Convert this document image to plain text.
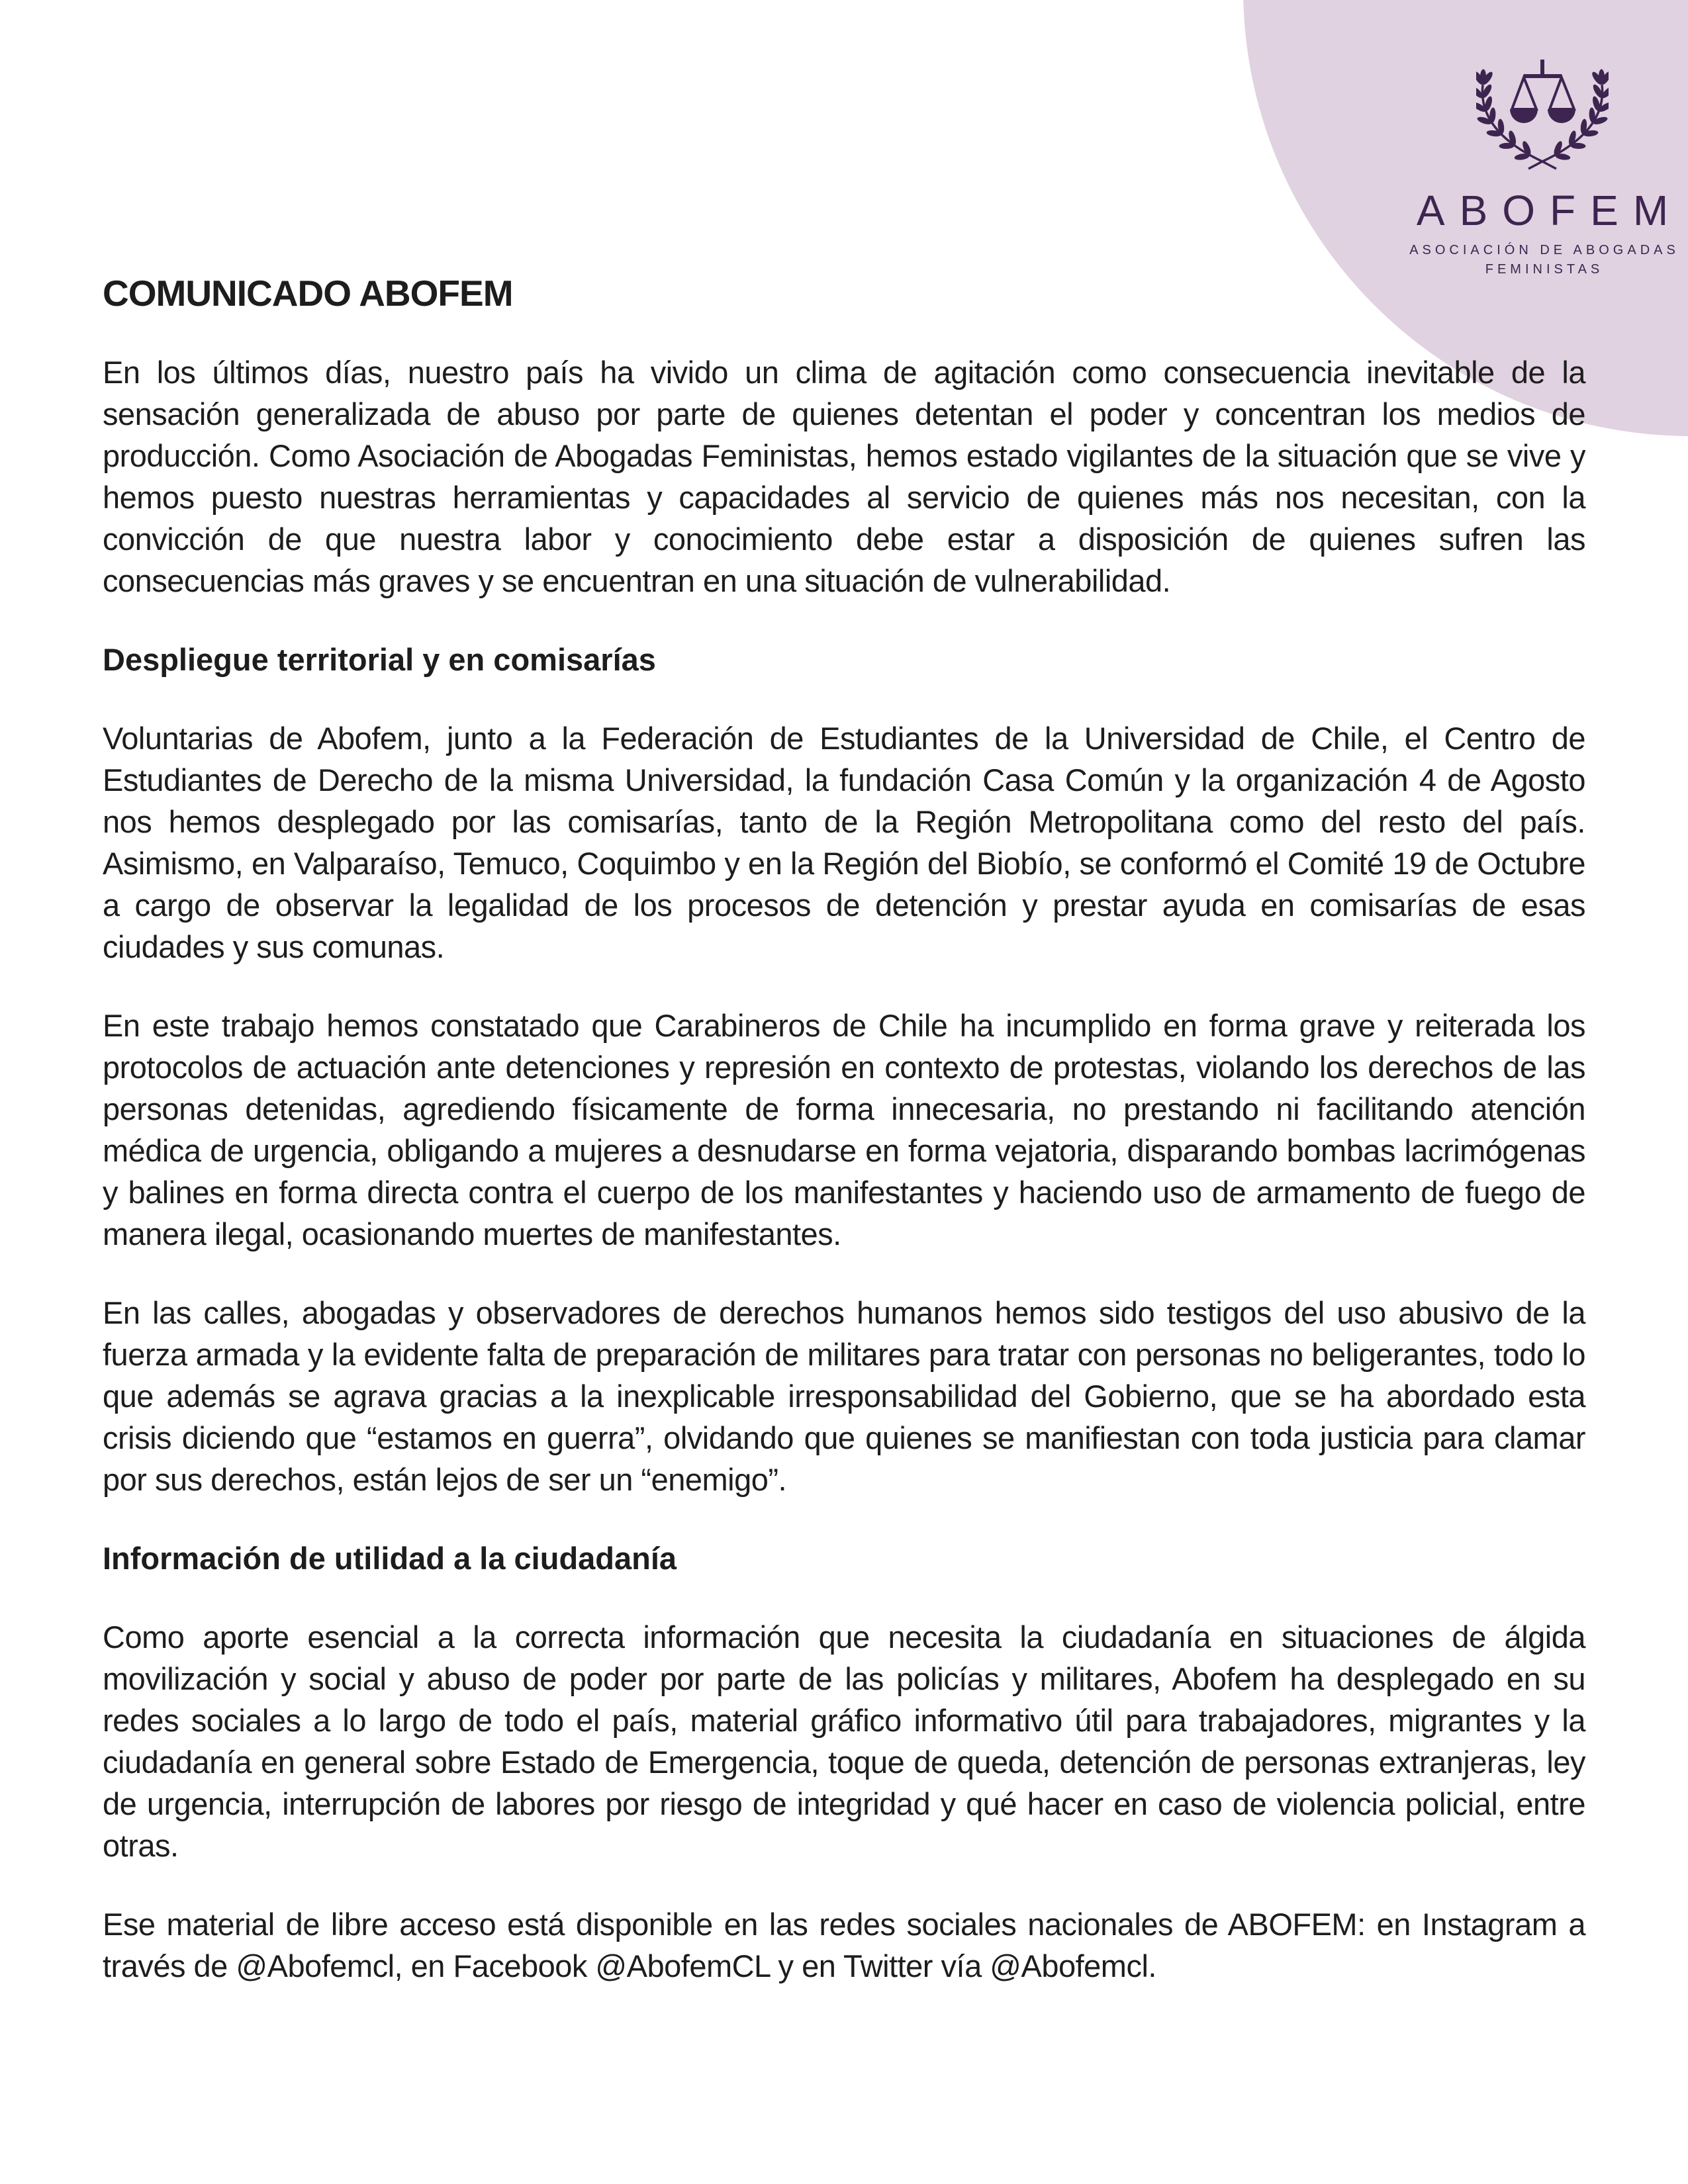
ABOFEM
ASOCIACIÓN DE ABOGADAS
FEMINISTAS
COMUNICADO ABOFEM

En los últimos días, nuestro país ha vivido un clima de agitación como consecuencia inevitable de la sensación generalizada de abuso por parte de quienes detentan el poder y concentran los medios de producción. Como Asociación de Abogadas Feministas, hemos estado vigilantes de la situación que se vive y hemos puesto nuestras herramientas y capacidades al servicio de quienes más nos necesitan, con la convicción de que nuestra labor y conocimiento debe estar a disposición de quienes sufren las consecuencias más graves y se encuentran en una situación de vulnerabilidad.

Despliegue territorial y en comisarías

Voluntarias de Abofem, junto a la Federación de Estudiantes de la Universidad de Chile, el Centro de Estudiantes de Derecho de la misma Universidad, la fundación Casa Común y la organización 4 de Agosto nos hemos desplegado por las comisarías, tanto de la Región Metropolitana como del resto del país. Asimismo, en Valparaíso, Temuco, Coquimbo y en la Región del Biobío, se conformó el Comité 19 de Octubre a cargo de observar la legalidad de los procesos de detención y prestar ayuda en comisarías de esas ciudades y sus comunas.

En este trabajo hemos constatado que Carabineros de Chile ha incumplido en forma grave y reiterada los protocolos de actuación ante detenciones y represión en contexto de protestas, violando los derechos de las personas detenidas, agrediendo físicamente de forma innecesaria, no prestando ni facilitando atención médica de urgencia, obligando a mujeres a desnudarse en forma vejatoria, disparando bombas lacrimógenas y balines en forma directa contra el cuerpo de los manifestantes y haciendo uso de armamento de fuego de manera ilegal, ocasionando muertes de manifestantes.

En las calles, abogadas y observadores de derechos humanos hemos sido testigos del uso abusivo de la fuerza armada y la evidente falta de preparación de militares para tratar con personas no beligerantes, todo lo que además se agrava gracias a la inexplicable irresponsabilidad del Gobierno, que se ha abordado esta crisis diciendo que “estamos en guerra”, olvidando que quienes se manifiestan con toda justicia para clamar por sus derechos, están lejos de ser un “enemigo”.

Información de utilidad a la ciudadanía

Como aporte esencial a la correcta información que necesita la ciudadanía en situaciones de álgida movilización y social y abuso de poder por parte de las policías y militares, Abofem ha desplegado en su redes sociales a lo largo de todo el país, material gráfico informativo útil para trabajadores, migrantes y la ciudadanía en general sobre Estado de Emergencia, toque de queda, detención de personas extranjeras, ley de urgencia, interrupción de labores por riesgo de integridad y qué hacer en caso de violencia policial, entre otras.

Ese material de libre acceso está disponible en las redes sociales nacionales de ABOFEM: en Instagram a través de @Abofemcl, en Facebook @AbofemCL y en Twitter vía @Abofemcl.
